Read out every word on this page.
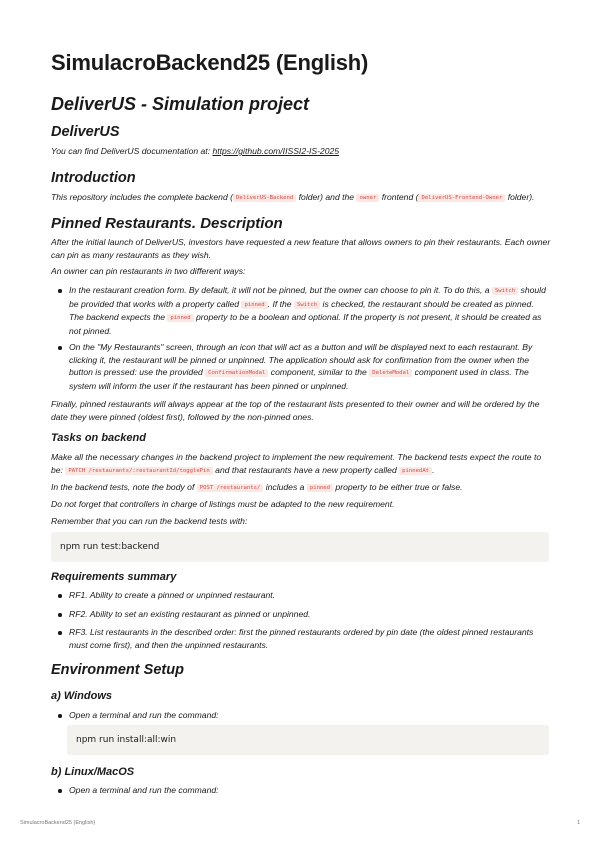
SimulacroBackend25 (English)
DeliverUS - Simulation project
DeliverUS

You can find DeliverUS documentation at: https://github.com/IISSI2-IS-2025

Introduction

This repository includes the complete backend ( DeliverUS-Backend folder) and the owner frontend ( DeliverUS-Frontend-Owner folder).

Pinned Restaurants. Description

After the initial launch of DeliverUS, investors have requested a new feature that allows owners to pin their restaurants. Each owner can pin as many restaurants as they wish.

An owner can pin restaurants in two different ways:

In the restaurant creation form. By default, it will not be pinned, but the owner can choose to pin it. To do this, a Switch should be provided that works with a property called pinned . If the Switch is checked, the restaurant should be created as pinned. The backend expects the pinned property to be a boolean and optional. If the property is not present, it should be created as not pinned.

On the "My Restaurants" screen, through an icon that will act as a button and will be displayed next to each restaurant. By clicking it, the restaurant will be pinned or unpinned. The application should ask for confirmation from the owner when the button is pressed: use the provided ConfirmationModal component, similar to the DeleteModal component used in class. The system will inform the user if the restaurant has been pinned or unpinned.

Finally, pinned restaurants will always appear at the top of the restaurant lists presented to their owner and will be ordered by the date they were pinned (oldest first), followed by the non-pinned ones.

Tasks on backend

Make all the necessary changes in the backend project to implement the new requirement. The backend tests expect the route to be: PATCH /restaurants/:restaurantId/togglePin and that restaurants have a new property called pinnedAt .

In the backend tests, note the body of POST /restaurants/ includes a pinned property to be either true or false.

Do not forget that controllers in charge of listings must be adapted to the new requirement.

Remember that you can run the backend tests with:

npm run test:backend
Requirements summary

RF1. Ability to create a pinned or unpinned restaurant.

RF2. Ability to set an existing restaurant as pinned or unpinned.

RF3. List restaurants in the described order: first the pinned restaurants ordered by pin date (the oldest pinned restaurants must come first), and then the unpinned restaurants.

Environment Setup
a) Windows

Open a terminal and run the command:

npm run install:all:win
b) Linux/MacOS

Open a terminal and run the command:

SimulacroBackend25 (English)	1
